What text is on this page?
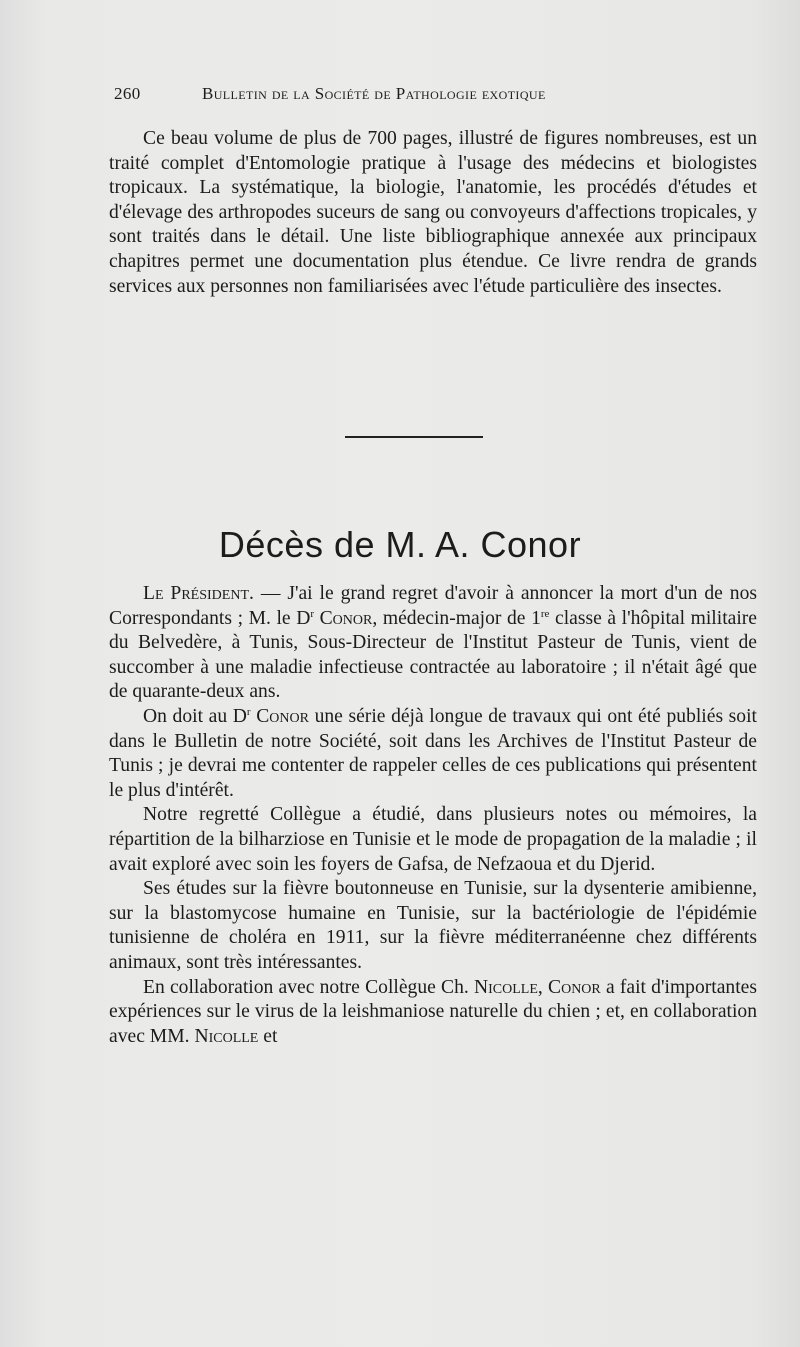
260	Bulletin de la Société de Pathologie exotique

Ce beau volume de plus de 700 pages, illustré de figures nombreuses, est un traité complet d'Entomologie pratique à l'usage des médecins et biologistes tropicaux. La systématique, la biologie, l'anatomie, les procédés d'études et d'élevage des arthropodes suceurs de sang ou convoyeurs d'affections tropicales, y sont traités dans le détail. Une liste bibliographique annexée aux principaux chapitres permet une documentation plus étendue. Ce livre rendra de grands services aux personnes non familiarisées avec l'étude particulière des insectes.

Décès de M. A. Conor

Le Président. — J'ai le grand regret d'avoir à annoncer la mort d'un de nos Correspondants ; M. le $D^r$ Conor, médecin-major de 1re classe à l'hôpital militaire du Belvedère, à Tunis, Sous-Directeur de l'Institut Pasteur de Tunis, vient de succomber à une maladie infectieuse contractée au laboratoire ; il n'était âgé que de quarante-deux ans.

On doit au $D^r$ Conor une série déjà longue de travaux qui ont été publiés soit dans le Bulletin de notre Société, soit dans les Archives de l'Institut Pasteur de Tunis ; je devrai me contenter de rappeler celles de ces publications qui présentent le plus d'intérêt.

Notre regretté Collègue a étudié, dans plusieurs notes ou mémoires, la répartition de la bilharziose en Tunisie et le mode de propagation de la maladie ; il avait exploré avec soin les foyers de Gafsa, de Nefzaoua et du Djerid.

Ses études sur la fièvre boutonneuse en Tunisie, sur la dysenterie amibienne, sur la blastomycose humaine en Tunisie, sur la bactériologie de l'épidémie tunisienne de choléra en 1911, sur la fièvre méditerranéenne chez différents animaux, sont très intéressantes.

En collaboration avec notre Collègue Ch. Nicolle, Conor a fait d'importantes expériences sur le virus de la leishmaniose naturelle du chien ; et, en collaboration avec MM. Nicolle et
